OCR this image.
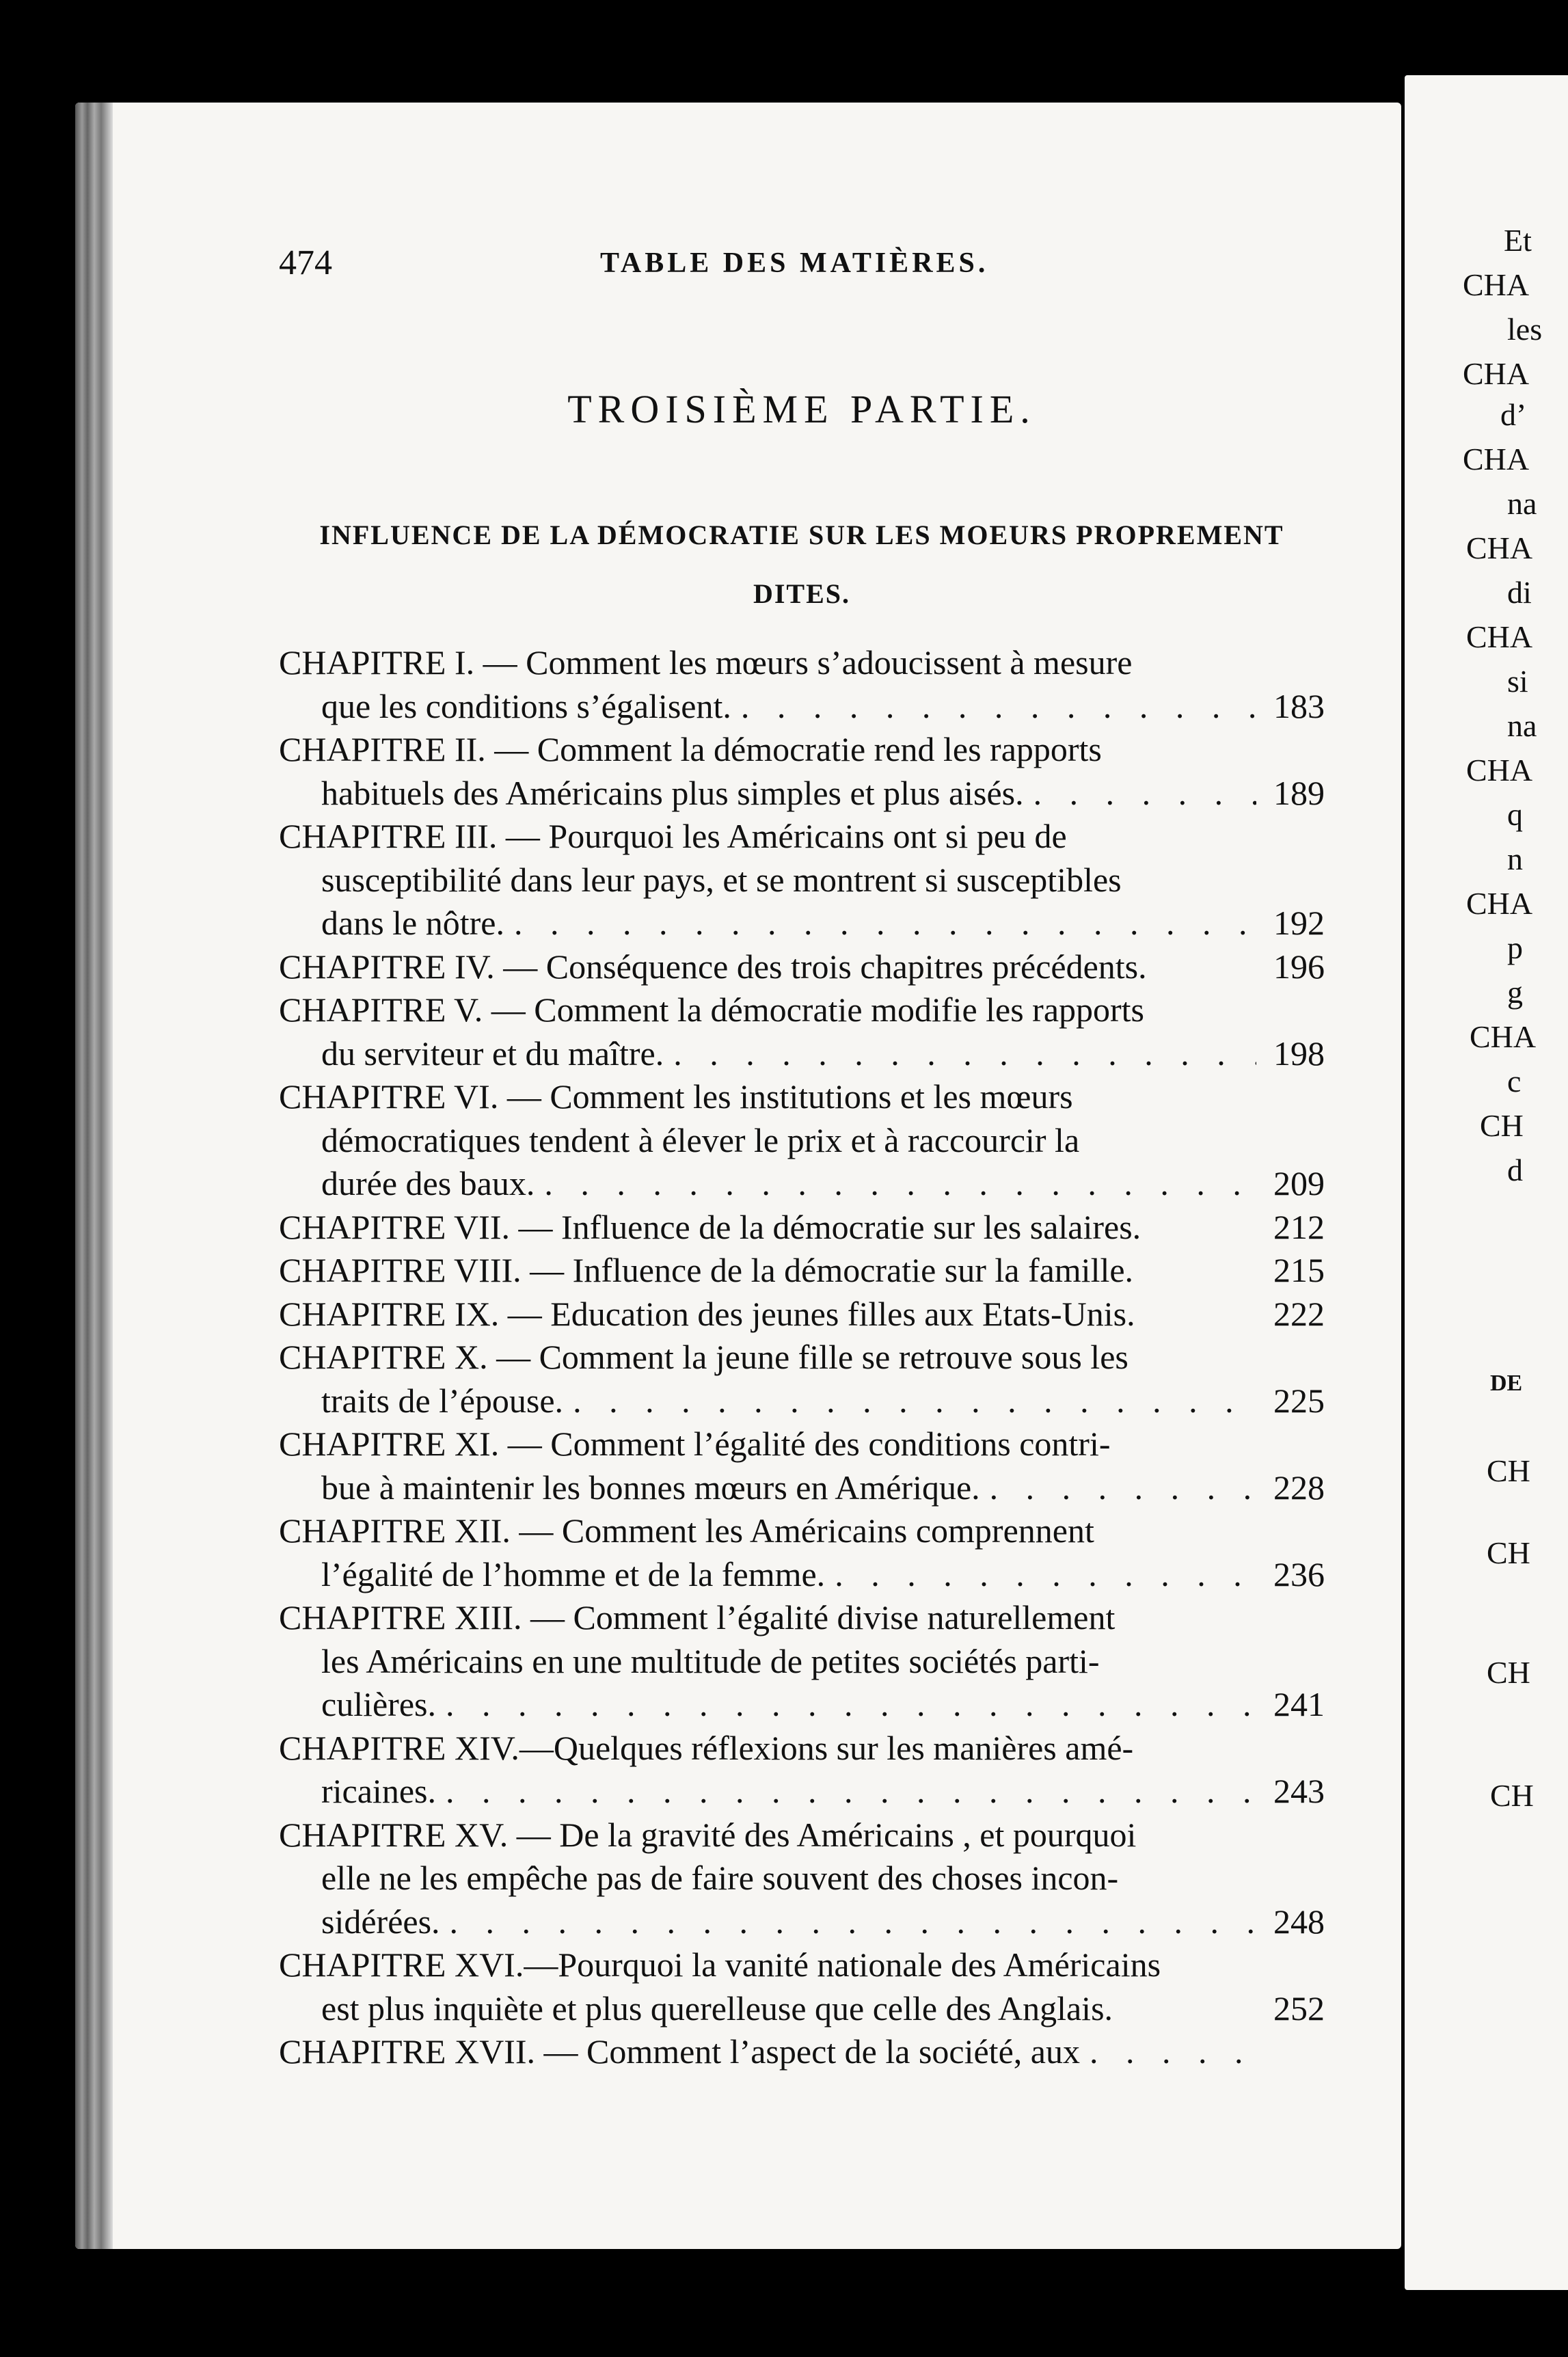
474	TABLE DES MATIÈRES.
TROISIÈME PARTIE.
INFLUENCE DE LA DÉMOCRATIE SUR LES MOEURS PROPREMENT
DITES.
CHAPITRE I. — Comment les mœurs s’adoucissent à mesure
que les conditions s’égalisent. . . .	183
CHAPITRE II. — Comment la démocratie rend les rapports
habituels des Américains plus simples et plus aisés. . . .	189
CHAPITRE III. — Pourquoi les Américains ont si peu de
susceptibilité dans leur pays, et se montrent si susceptibles
dans le nôtre. . . .	192
CHAPITRE IV. — Conséquence des trois chapitres précédents.	196
CHAPITRE V. — Comment la démocratie modifie les rapports
du serviteur et du maître. . . .	198
CHAPITRE VI. — Comment les institutions et les mœurs
démocratiques tendent à élever le prix et à raccourcir la
durée des baux. . . .	209
CHAPITRE VII. — Influence de la démocratie sur les salaires.	212
CHAPITRE VIII. — Influence de la démocratie sur la famille.	215
CHAPITRE IX. — Education des jeunes filles aux Etats-Unis.	222
CHAPITRE X. — Comment la jeune fille se retrouve sous les
traits de l’épouse. . . .	225
CHAPITRE XI. — Comment l’égalité des conditions contri-
bue à maintenir les bonnes mœurs en Amérique. . . .	228
CHAPITRE XII. — Comment les Américains comprennent
l’égalité de l’homme et de la femme. . . .	236
CHAPITRE XIII. — Comment l’égalité divise naturellement
les Américains en une multitude de petites sociétés parti-
culières. . . .	241
CHAPITRE XIV.—Quelques réflexions sur les manières amé-
ricaines. . . .	243
CHAPITRE XV. — De la gravité des Américains , et pourquoi
elle ne les empêche pas de faire souvent des choses incon-
sidérées. . . .	248
CHAPITRE XVI.—Pourquoi la vanité nationale des Américains
est plus inquiète et plus querelleuse que celle des Anglais.	252
CHAPITRE XVII. — Comment l’aspect de la société, aux
. . .
Et
CHA
les
CHA
d’
CHA
na
CHA
di
CHA
si
na
CHA
q
n
CHA
p
g
CHA
c
CH
d
DE
CH
CH
CH
CH
